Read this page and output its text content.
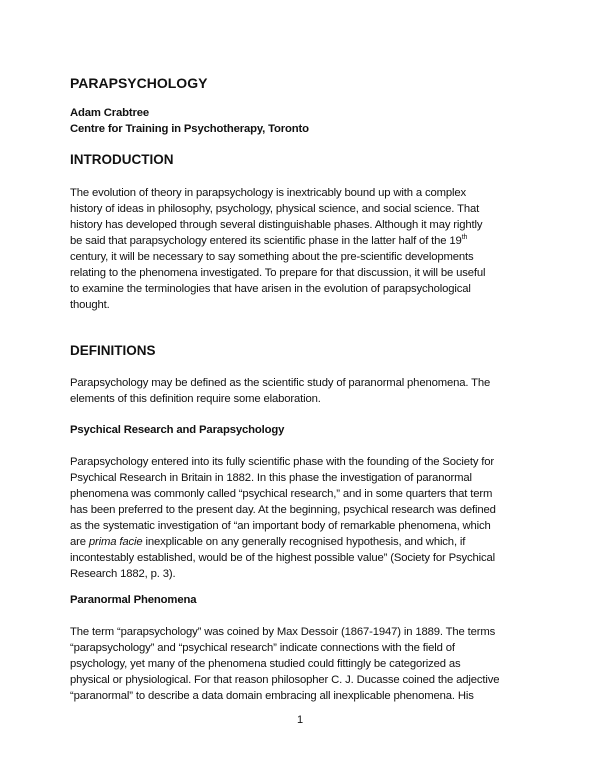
PARAPSYCHOLOGY
Adam Crabtree
Centre for Training in Psychotherapy, Toronto
INTRODUCTION
The evolution of theory in parapsychology is inextricably bound up with a complex
history of ideas in philosophy, psychology, physical science, and social science. That
history has developed through several distinguishable phases. Although it may rightly
be said that parapsychology entered its scientific phase in the latter half of the 19th
century, it will be necessary to say something about the pre-scientific developments
relating to the phenomena investigated. To prepare for that discussion, it will be useful
to examine the terminologies that have arisen in the evolution of parapsychological
thought.
DEFINITIONS
Parapsychology may be defined as the scientific study of paranormal phenomena. The
elements of this definition require some elaboration.
Psychical Research and Parapsychology
Parapsychology entered into its fully scientific phase with the founding of the Society for
Psychical Research in Britain in 1882. In this phase the investigation of paranormal
phenomena was commonly called “psychical research,” and in some quarters that term
has been preferred to the present day. At the beginning, psychical research was defined
as the systematic investigation of “an important body of remarkable phenomena, which
are prima facie inexplicable on any generally recognised hypothesis, and which, if
incontestably established, would be of the highest possible value” (Society for Psychical
Research 1882, p. 3).
Paranormal Phenomena
The term “parapsychology” was coined by Max Dessoir (1867-1947) in 1889. The terms
“parapsychology” and “psychical research” indicate connections with the field of
psychology, yet many of the phenomena studied could fittingly be categorized as
physical or physiological. For that reason philosopher C. J. Ducasse coined the adjective
“paranormal” to describe a data domain embracing all inexplicable phenomena. His
1
